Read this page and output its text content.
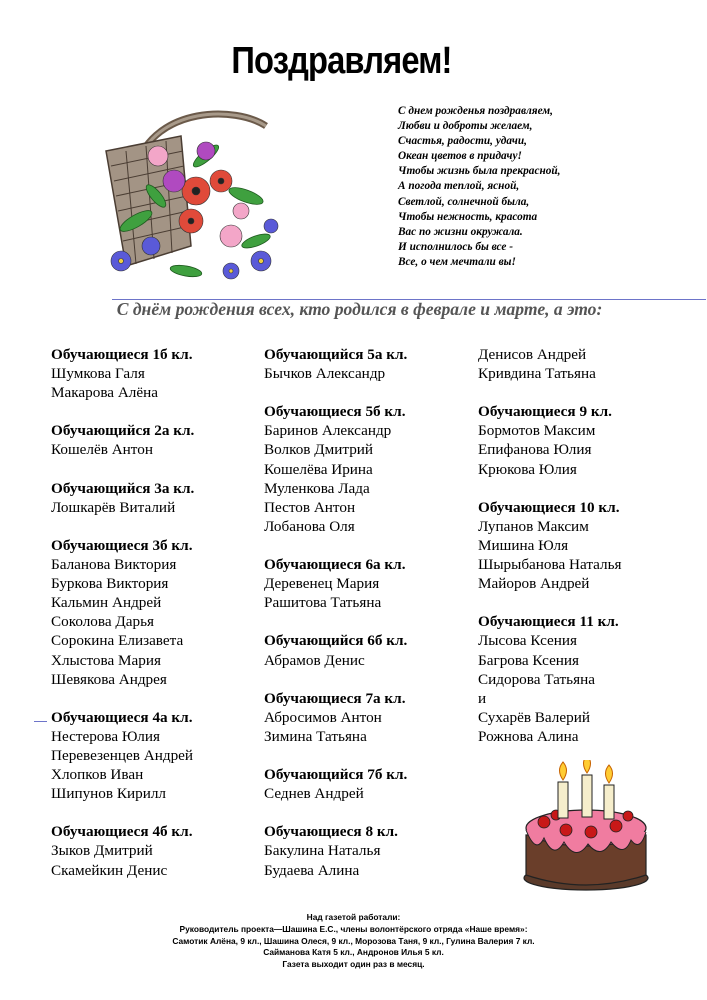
Поздравляем!
С днем рожденья поздравляем,
Любви и доброты желаем,
Счастья, радости, удачи,
Океан цветов в придачу!
Чтобы жизнь была прекрасной,
А погода теплой, ясной,
Светлой, солнечной была,
Чтобы нежность, красота
Вас по жизни окружала.
И исполнилось бы все -
Все, о чем мечтали вы!
С днём рождения всех, кто родился в феврале и марте, а это:
Обучающиеся 1б кл.
Шумкова Галя
Макарова Алёна
Обучающийся 2а кл.
Кошелёв Антон
Обучающийся 3а кл.
Лошкарёв Виталий
Обучающиеся 3б кл.
Баланова Виктория
Буркова Виктория
Кальмин Андрей
Соколова Дарья
Сорокина Елизавета
Хлыстова Мария
Шевякова Андрея
Обучающиеся 4а кл.
Нестерова Юлия
Перевезенцев Андрей
Хлопков Иван
Шипунов Кирилл
Обучающиеся 4б кл.
Зыков Дмитрий
Скамейкин Денис
Обучающийся 5а кл.
Бычков Александр
Обучающиеся 5б кл.
Баринов Александр
Волков Дмитрий
Кошелёва Ирина
Муленкова Лада
Пестов Антон
Лобанова Оля
Обучающиеся 6а кл.
Деревенец Мария
Рашитова Татьяна
Обучающийся 6б кл.
Абрамов Денис
Обучающиеся 7а кл.
Абросимов Антон
Зимина Татьяна
Обучающийся 7б кл.
Седнев Андрей
Обучающиеся 8 кл.
Бакулина Наталья
Будаева Алина
Денисов Андрей
Кривдина Татьяна
Обучающиеся 9 кл.
Бормотов Максим
Епифанова Юлия
Крюкова Юлия
Обучающиеся 10 кл.
Лупанов Максим
Мишина Юля
Шырыбанова Наталья
Майоров Андрей
Обучающиеся 11 кл.
Лысова Ксения
Багрова Ксения
Сидорова Татьяна
и
Сухарёв Валерий
Рожнова Алина
Над газетой работали:
Руководитель проекта—Шашина Е.С., члены волонтёрского отряда «Наше время»:
Самотик Алёна, 9 кл., Шашина Олеся, 9 кл., Морозова Таня, 9 кл., Гулина Валерия 7 кл.
Сайманова Катя 5 кл., Андронов Илья 5 кл.
Газета выходит один раз в месяц.
